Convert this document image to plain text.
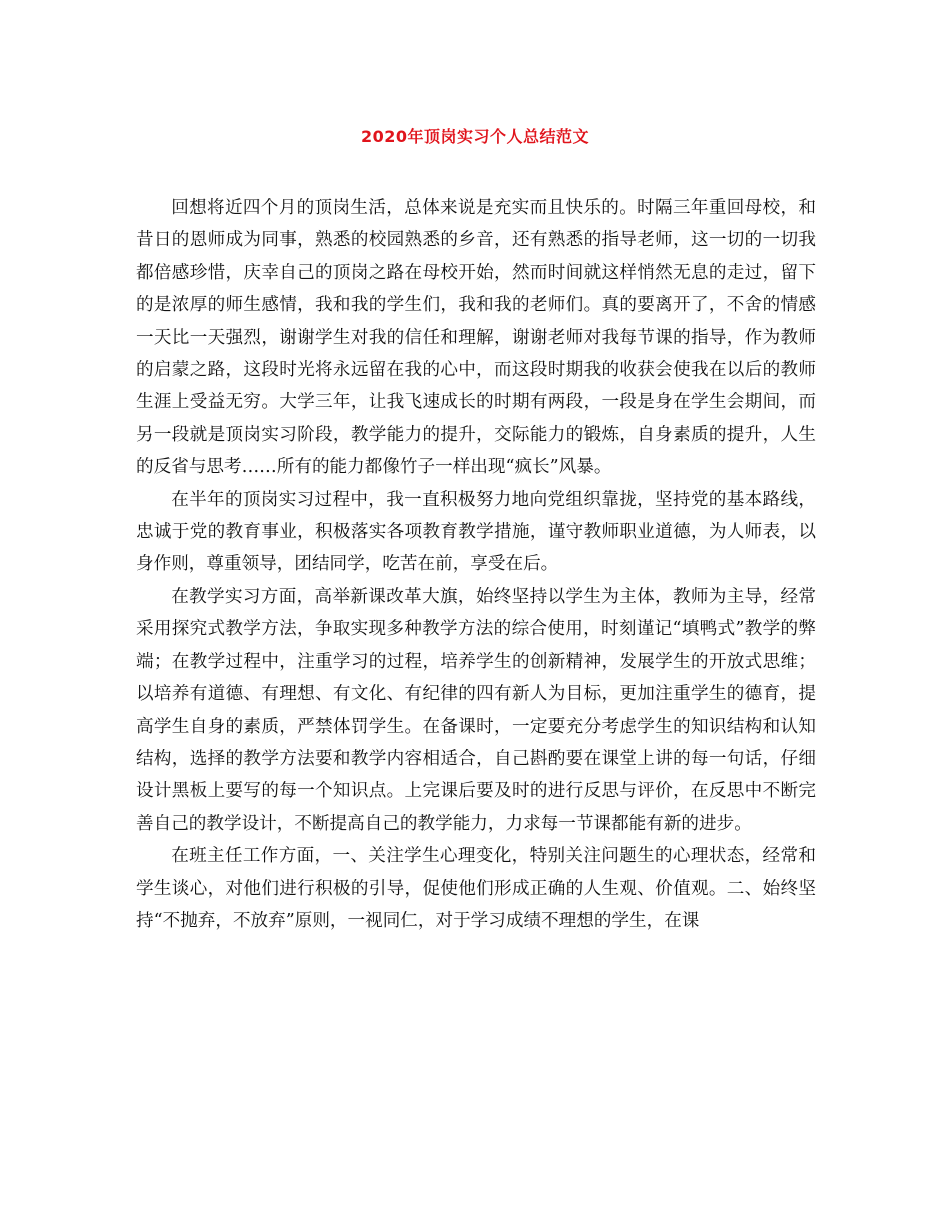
2020年顶岗实习个人总结范文

回想将近四个月的顶岗生活，总体来说是充实而且快乐的。时隔三年重回母校，和昔日的恩师成为同事，熟悉的校园熟悉的乡音，还有熟悉的指导老师，这一切的一切我都倍感珍惜，庆幸自己的顶岗之路在母校开始，然而时间就这样悄然无息的走过，留下的是浓厚的师生感情，我和我的学生们，我和我的老师们。真的要离开了，不舍的情感一天比一天强烈，谢谢学生对我的信任和理解，谢谢老师对我每节课的指导，作为教师的启蒙之路，这段时光将永远留在我的心中，而这段时期我的收获会使我在以后的教师生涯上受益无穷。大学三年，让我飞速成长的时期有两段，一段是身在学生会期间，而另一段就是顶岗实习阶段，教学能力的提升，交际能力的锻炼，自身素质的提升，人生的反省与思考……所有的能力都像竹子一样出现“疯长”风暴。

在半年的顶岗实习过程中，我一直积极努力地向党组织靠拢，坚持党的基本路线，忠诚于党的教育事业，积极落实各项教育教学措施，谨守教师职业道德，为人师表，以身作则，尊重领导，团结同学，吃苦在前，享受在后。

在教学实习方面，高举新课改革大旗，始终坚持以学生为主体，教师为主导，经常采用探究式教学方法，争取实现多种教学方法的综合使用，时刻谨记“填鸭式”教学的弊端；在教学过程中，注重学习的过程，培养学生的创新精神，发展学生的开放式思维；以培养有道德、有理想、有文化、有纪律的四有新人为目标，更加注重学生的德育，提高学生自身的素质，严禁体罚学生。在备课时，一定要充分考虑学生的知识结构和认知结构，选择的教学方法要和教学内容相适合，自己斟酌要在课堂上讲的每一句话，仔细设计黑板上要写的每一个知识点。上完课后要及时的进行反思与评价，在反思中不断完善自己的教学设计，不断提高自己的教学能力，力求每一节课都能有新的进步。

在班主任工作方面，一、关注学生心理变化，特别关注问题生的心理状态，经常和学生谈心，对他们进行积极的引导，促使他们形成正确的人生观、价值观。二、始终坚持“不抛弃，不放弃”原则，一视同仁，对于学习成绩不理想的学生，在课
